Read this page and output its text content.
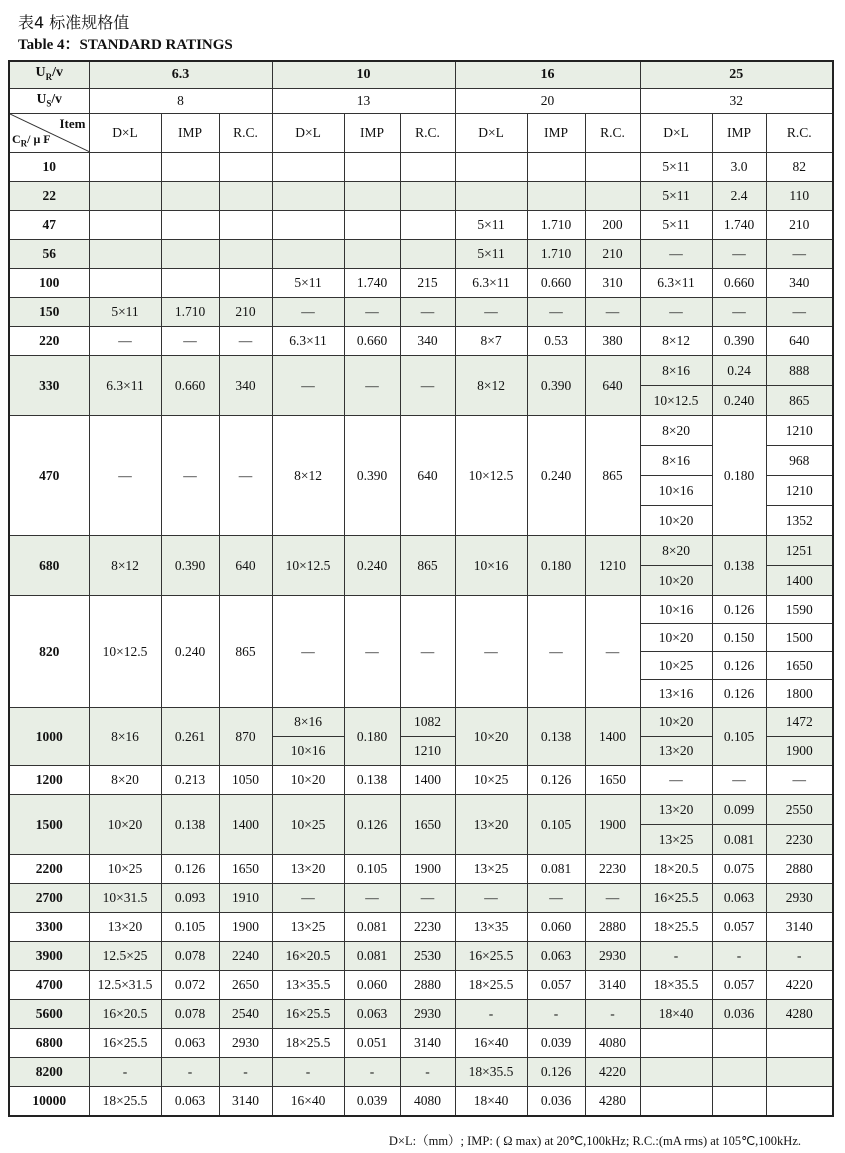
表4 标准规格值
Table 4：STANDARD RATINGS
$U_R/v$	6.3			10			16			25		
$U_S/v$	8			13			20			32		

Item
$C_R/$ μ F	D×L	IMP	R.C.	D×L	IMP	R.C.	D×L	IMP	R.C.	D×L	IMP	R.C.
10										5×11	3.0	82
22										5×11	2.4	110
47							5×11	1.710	200	5×11	1.740	210
56							5×11	1.710	210	—	—	—
100				5×11	1.740	215	6.3×11	0.660	310	6.3×11	0.660	340
150	5×11	1.710	210	—	—	—	—	—	—	—	—	—
220	—	—	—	6.3×11	0.660	340	8×7	0.53	380	8×12	0.390	640
330	6.3×11	0.660	340	—	—	—	8×12	0.390	640	8×16	0.24	888
										10×12.5	0.240	865
470	—	—	—	8×12	0.390	640	10×12.5	0.240	865	8×20	0.180	1210
										8×16		968
										10×16		1210
										10×20		1352
680	8×12	0.390	640	10×12.5	0.240	865	10×16	0.180	1210	8×20	0.138	1251
										10×20		1400
820	10×12.5	0.240	865	—	—	—	—	—	—	10×16	0.126	1590
										10×20	0.150	1500
										10×25	0.126	1650
										13×16	0.126	1800
1000	8×16	0.261	870	8×16	0.180	1082	10×20	0.138	1400	10×20	0.105	1472
				10×16		1210				13×20		1900
1200	8×20	0.213	1050	10×20	0.138	1400	10×25	0.126	1650	—	—	—
1500	10×20	0.138	1400	10×25	0.126	1650	13×20	0.105	1900	13×20	0.099	2550
										13×25	0.081	2230
2200	10×25	0.126	1650	13×20	0.105	1900	13×25	0.081	2230	18×20.5	0.075	2880
2700	10×31.5	0.093	1910	—	—	—	—	—	—	16×25.5	0.063	2930
3300	13×20	0.105	1900	13×25	0.081	2230	13×35	0.060	2880	18×25.5	0.057	3140
3900	12.5×25	0.078	2240	16×20.5	0.081	2530	16×25.5	0.063	2930	-	-	-
4700	12.5×31.5	0.072	2650	13×35.5	0.060	2880	18×25.5	0.057	3140	18×35.5	0.057	4220
5600	16×20.5	0.078	2540	16×25.5	0.063	2930	-	-	-	18×40	0.036	4280
6800	16×25.5	0.063	2930	18×25.5	0.051	3140	16×40	0.039	4080			
8200	-	-	-	-	-	-	18×35.5	0.126	4220			
10000	18×25.5	0.063	3140	16×40	0.039	4080	18×40	0.036	4280			
D×L:（mm）; IMP: ( Ω max) at 20℃,100kHz; R.C.:(mA rms) at 105℃,100kHz.
